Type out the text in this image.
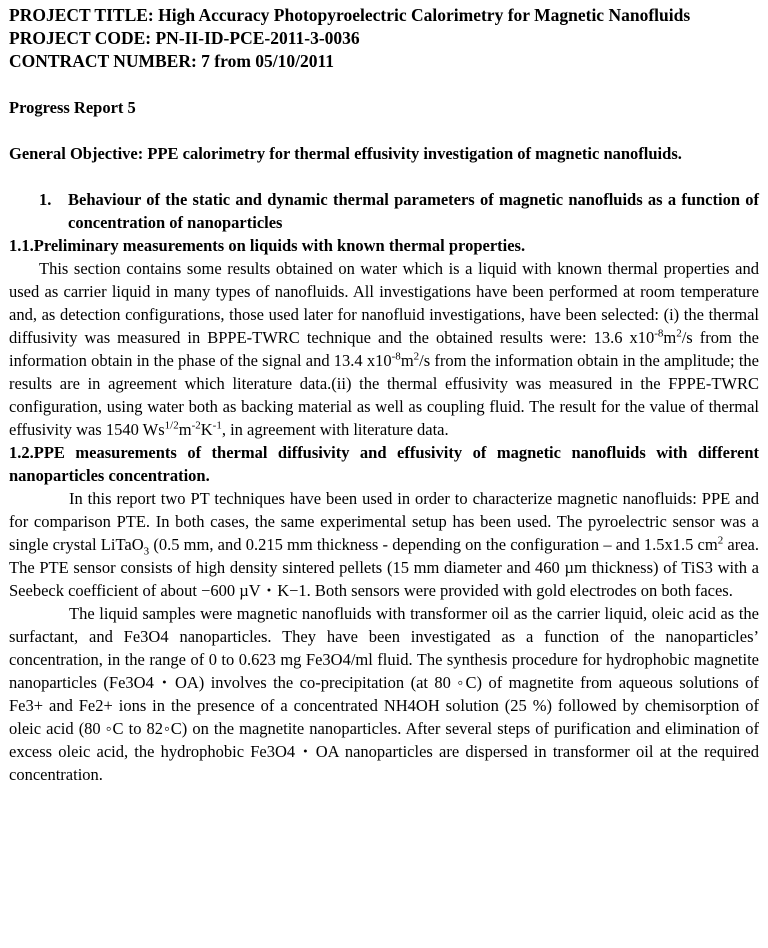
PROJECT TITLE: High Accuracy Photopyroelectric Calorimetry for Magnetic Nanofluids
PROJECT CODE: PN-II-ID-PCE-2011-3-0036
CONTRACT NUMBER: 7 from 05/10/2011
Progress Report 5
General Objective: PPE calorimetry for thermal effusivity investigation of magnetic nanofluids.
1. Behaviour of the static and dynamic thermal parameters of magnetic nanofluids as a function of concentration of nanoparticles
1.1.Preliminary measurements on liquids with known thermal properties.

This section contains some results obtained on water which is a liquid with known thermal properties and used as carrier liquid in many types of nanofluids. All investigations have been performed at room temperature and, as detection configurations, those used later for nanofluid investigations, have been selected: (i) the thermal diffusivity was measured in BPPE-TWRC technique and the obtained results were: 13.6 $x10^{-8}m^2/s$ from the information obtain in the phase of the signal and 13.4 $x10^{-8}m^2/s$ from the information obtain in the amplitude; the results are in agreement which literature data.(ii) the thermal effusivity was measured in the FPPE-TWRC configuration, using water both as backing material as well as coupling fluid. The result for the value of thermal effusivity was 1540 $Ws^{1/2}m^{-2}K^{-1}$, in agreement with literature data.

1.2.PPE measurements of thermal diffusivity and effusivity of magnetic nanofluids with different nanoparticles concentration.

In this report two PT techniques have been used in order to characterize magnetic nanofluids: PPE and for comparison PTE. In both cases, the same experimental setup has been used. The pyroelectric sensor was a single crystal LiTaO$_3$ (0.5 mm, and 0.215 mm thickness - depending on the configuration – and 1.5x1.5 $cm^2$ area. The PTE sensor consists of high density sintered pellets (15 mm diameter and 460 µm thickness) of TiS3 with a Seebeck coefficient of about −600 µV・K−1. Both sensors were provided with gold electrodes on both faces.

The liquid samples were magnetic nanofluids with transformer oil as the carrier liquid, oleic acid as the surfactant, and Fe3O4 nanoparticles. They have been investigated as a function of the nanoparticles’ concentration, in the range of 0 to 0.623 mg Fe3O4/ml fluid. The synthesis procedure for hydrophobic magnetite nanoparticles (Fe3O4・OA) involves the co-precipitation (at 80 ◦C) of magnetite from aqueous solutions of Fe3+ and Fe2+ ions in the presence of a concentrated NH4OH solution (25 %) followed by chemisorption of oleic acid (80 ◦C to 82◦C) on the magnetite nanoparticles. After several steps of purification and elimination of excess oleic acid, the hydrophobic Fe3O4・OA nanoparticles are dispersed in transformer oil at the required concentration.
